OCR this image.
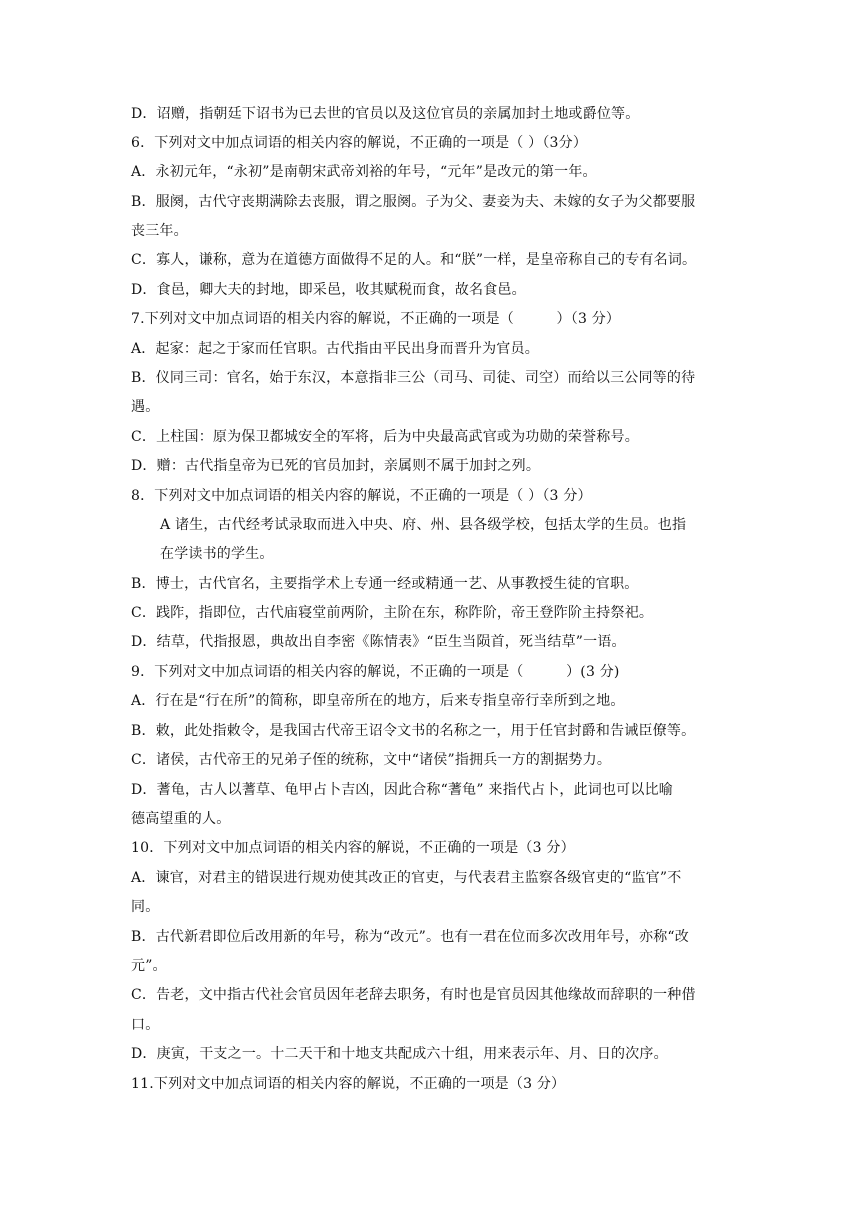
D．诏赠，指朝廷下诏书为已去世的官员以及这位官员的亲属加封土地或爵位等。
6．下列对文中加点词语的相关内容的解说，不正确的一项是（ ）（3分）
A．永初元年，“永初”是南朝宋武帝刘裕的年号，“元年”是改元的第一年。
B．服阕，古代守丧期满除去丧服，谓之服阕。子为父、妻妾为夫、未嫁的女子为父都要服
丧三年。
C．寡人，谦称，意为在道德方面做得不足的人。和“朕”一样，是皇帝称自己的专有名词。
D．食邑，卿大夫的封地，即采邑，收其赋税而食，故名食邑。
7.下列对文中加点词语的相关内容的解说，不正确的一项是（　　　）（3 分）
A．起家：起之于家而任官职。古代指由平民出身而晋升为官员。
B．仪同三司：官名，始于东汉，本意指非三公（司马、司徒、司空）而给以三公同等的待
遇。
C．上柱国：原为保卫都城安全的军将，后为中央最高武官或为功勋的荣誉称号。
D．赠：古代指皇帝为已死的官员加封，亲属则不属于加封之列。
8．下列对文中加点词语的相关内容的解说，不正确的一项是（ ）（3 分）
A 诸生，古代经考试录取而进入中央、府、州、县各级学校，包括太学的生员。也指
在学读书的学生。
B．博士，古代官名，主要指学术上专通一经或精通一艺、从事教授生徒的官职。
C．践阼，指即位，古代庙寝堂前两阶，主阶在东，称阼阶，帝王登阼阶主持祭祀。
D．结草，代指报恩，典故出自李密《陈情表》“臣生当陨首，死当结草”一语。
9．下列对文中加点词语的相关内容的解说，不正确的一项是（　　　）(3 分)
A．行在是“行在所”的简称，即皇帝所在的地方，后来专指皇帝行幸所到之地。
B．敕，此处指敕令，是我国古代帝王诏令文书的名称之一，用于任官封爵和告诫臣僚等。
C．诸侯，古代帝王的兄弟子侄的统称，文中“诸侯”指拥兵一方的割据势力。
D．蓍龟，古人以蓍草、龟甲占卜吉凶，因此合称“蓍龟” 来指代占卜，此词也可以比喻
德高望重的人。
10．下列对文中加点词语的相关内容的解说，不正确的一项是（3 分）
A．谏官，对君主的错误进行规劝使其改正的官吏，与代表君主监察各级官吏的“监官”不
同。
B．古代新君即位后改用新的年号，称为“改元”。也有一君在位而多次改用年号，亦称“改
元”。
C．告老，文中指古代社会官员因年老辞去职务，有时也是官员因其他缘故而辞职的一种借
口。
D．庚寅，干支之一。十二天干和十地支共配成六十组，用来表示年、月、日的次序。
11.下列对文中加点词语的相关内容的解说，不正确的一项是（3 分）
